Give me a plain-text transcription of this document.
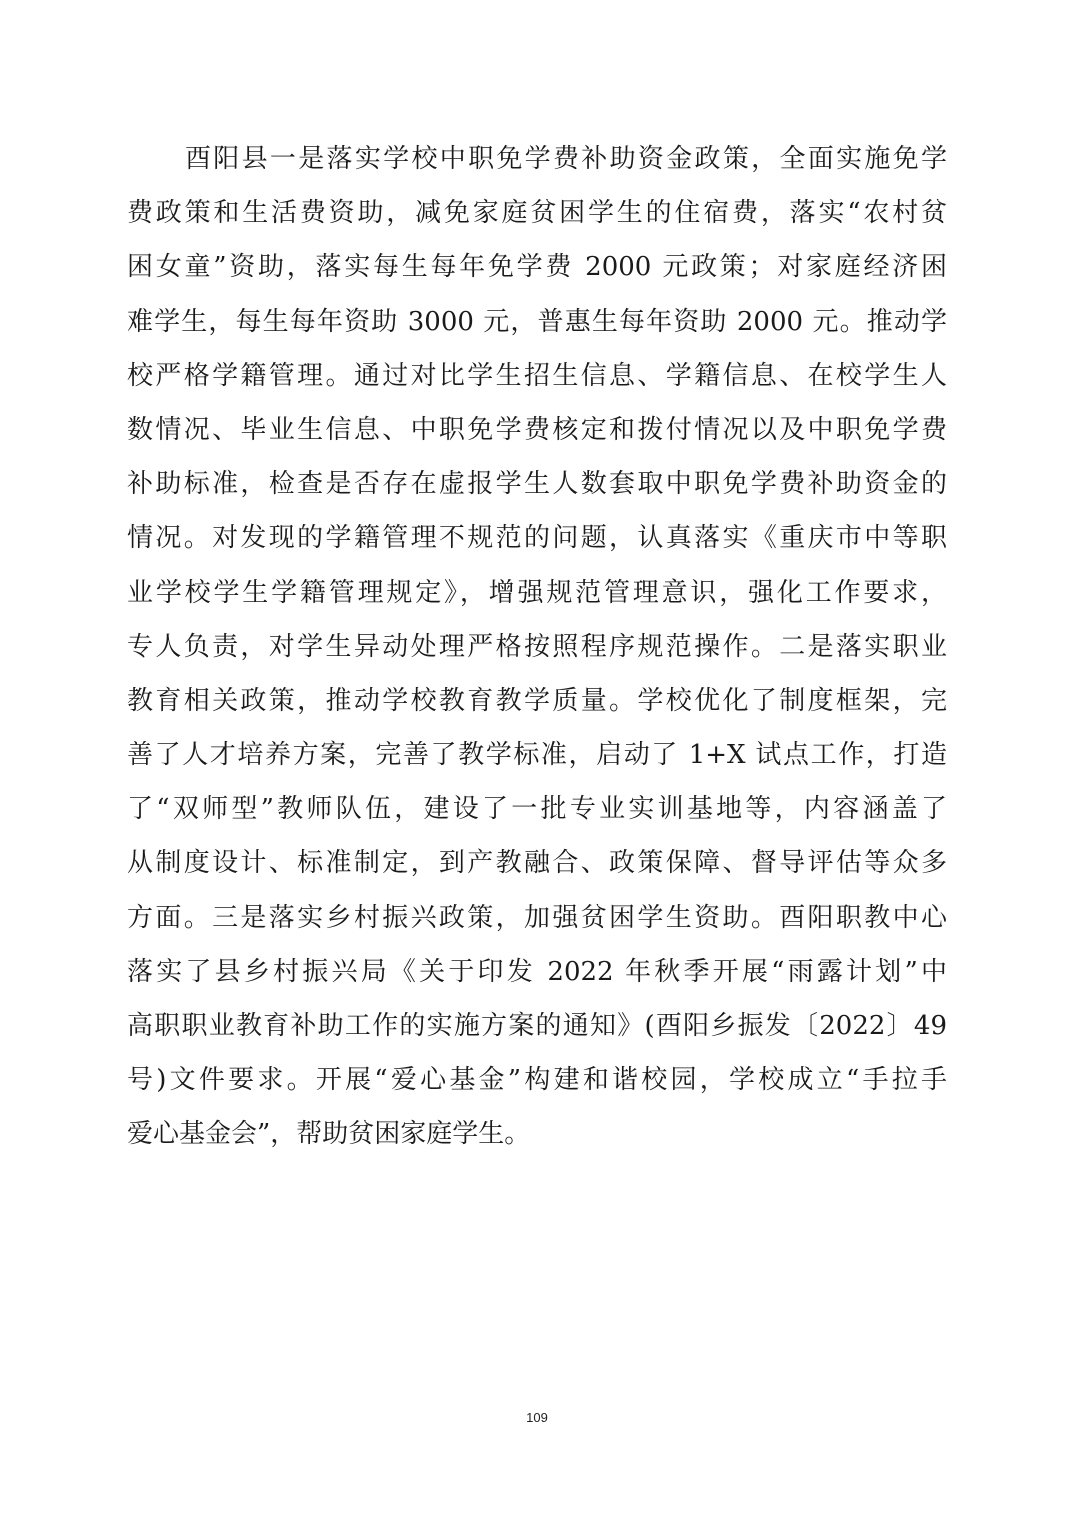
酉阳县一是落实学校中职免学费补助资金政策，全面实施免学
费政策和生活费资助，减免家庭贫困学生的住宿费，落实“农村贫
困女童”资助，落实每生每年免学费 2000 元政策；对家庭经济困
难学生，每生每年资助 3000 元，普惠生每年资助 2000 元。推动学
校严格学籍管理。通过对比学生招生信息、学籍信息、在校学生人
数情况、毕业生信息、中职免学费核定和拨付情况以及中职免学费
补助标准，检查是否存在虚报学生人数套取中职免学费补助资金的
情况。对发现的学籍管理不规范的问题，认真落实《重庆市中等职
业学校学生学籍管理规定》，增强规范管理意识，强化工作要求，
专人负责，对学生异动处理严格按照程序规范操作。二是落实职业
教育相关政策，推动学校教育教学质量。学校优化了制度框架，完
善了人才培养方案，完善了教学标准，启动了 1+X 试点工作，打造
了“双师型”教师队伍，建设了一批专业实训基地等，内容涵盖了
从制度设计、标准制定，到产教融合、政策保障、督导评估等众多
方面。三是落实乡村振兴政策，加强贫困学生资助。酉阳职教中心
落实了县乡村振兴局《关于印发 2022 年秋季开展“雨露计划”中
高职职业教育补助工作的实施方案的通知》(酉阳乡振发〔2022〕49
号)文件要求。开展“爱心基金”构建和谐校园，学校成立“手拉手
爱心基金会”，帮助贫困家庭学生。
109
